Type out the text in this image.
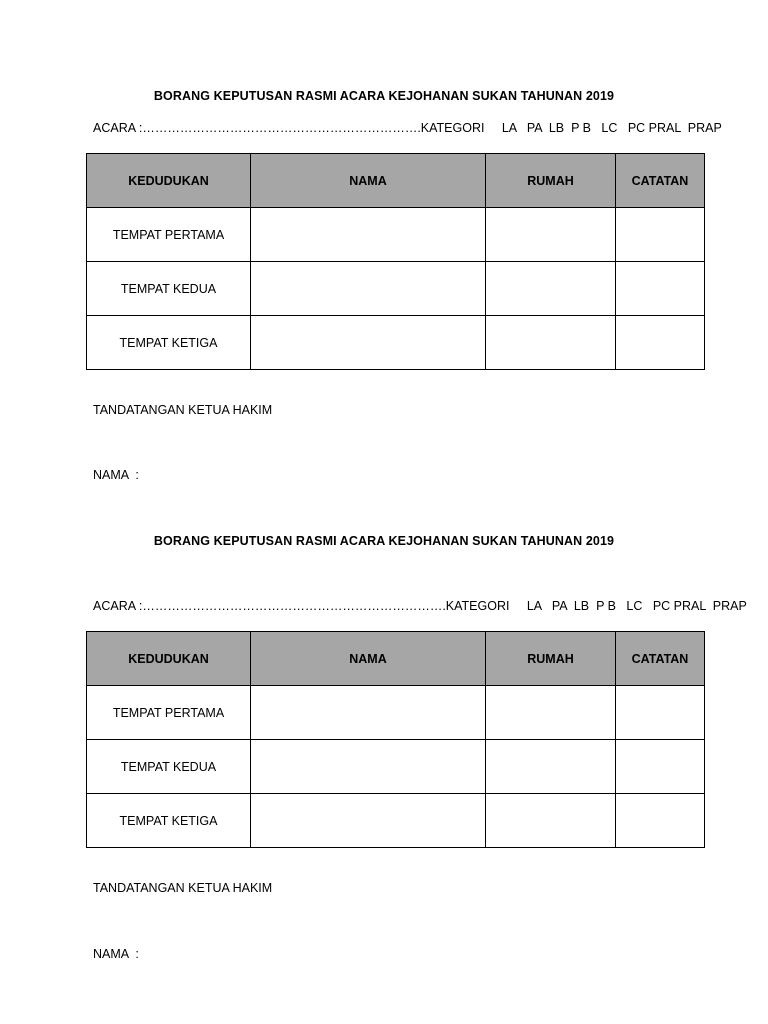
BORANG KEPUTUSAN RASMI ACARA KEJOHANAN SUKAN TAHUNAN 2019
ACARA :………………………………………………………….KATEGORI     LA   PA  LB  P B   LC   PC PRAL  PRAP
KEDUDUKAN	NAMA	RUMAH	CATATAN
TEMPAT PERTAMA			
TEMPAT KEDUA			
TEMPAT KETIGA			
TANDATANGAN KETUA HAKIM
NAMA  :
BORANG KEPUTUSAN RASMI ACARA KEJOHANAN SUKAN TAHUNAN 2019
ACARA :……………………………………………………………….KATEGORI     LA   PA  LB  P B   LC   PC PRAL  PRAP
KEDUDUKAN	NAMA	RUMAH	CATATAN
TEMPAT PERTAMA			
TEMPAT KEDUA			
TEMPAT KETIGA			
TANDATANGAN KETUA HAKIM
NAMA  :
